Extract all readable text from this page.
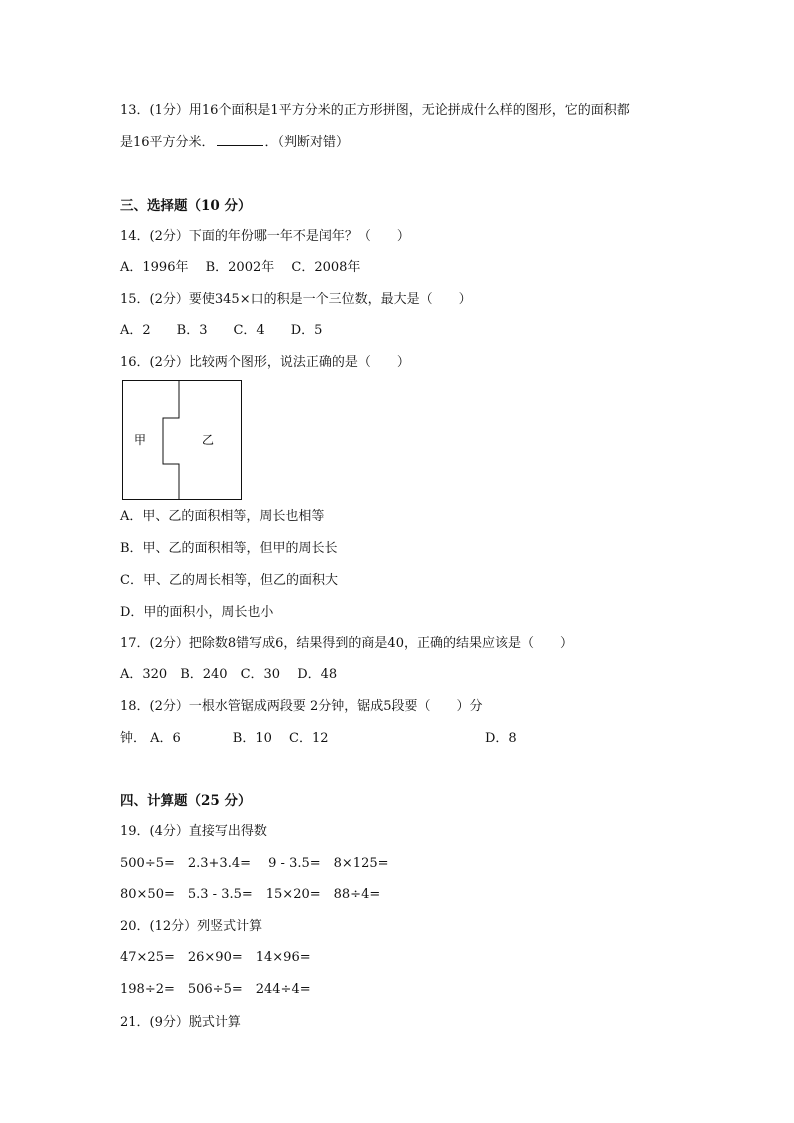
13．(1分）用16个面积是1平方分米的正方形拼图，无论拼成什么样的图形，它的面积都
是16平方分米．	．（判断对错）
三、选择题（10 分）
14．(2分）下面的年份哪一年不是闰年？（　　）
A．1996年　 B．2002年　 C．2008年
15．(2分）要使345×口的积是一个三位数，最大是（　　）
A．2　　B．3　　C．4　　D．5
16．(2分）比较两个图形，说法正确的是（　　）
甲	乙
A．甲、乙的面积相等，周长也相等
B．甲、乙的面积相等，但甲的周长长
C．甲、乙的周长相等，但乙的面积大
D．甲的面积小，周长也小
17．(2分）把除数8错写成6，结果得到的商是40，正确的结果应该是（　　）
A．320　B．240　C．30　 D．48
18．(2分）一根水管锯成两段要 2分钟，锯成5段要（　　）分
钟． A．6　　　　B．10　 C．12	D．8
四、计算题（25 分）
19．(4分）直接写出得数
500÷5=　2.3+3.4=　 9 - 3.5=　8×125=
80×50=　5.3 - 3.5=　15×20=　88÷4=
20．(12分）列竖式计算
47×25=　26×90=　14×96=
198÷2=　506÷5=　244÷4=
21．(9分）脱式计算
